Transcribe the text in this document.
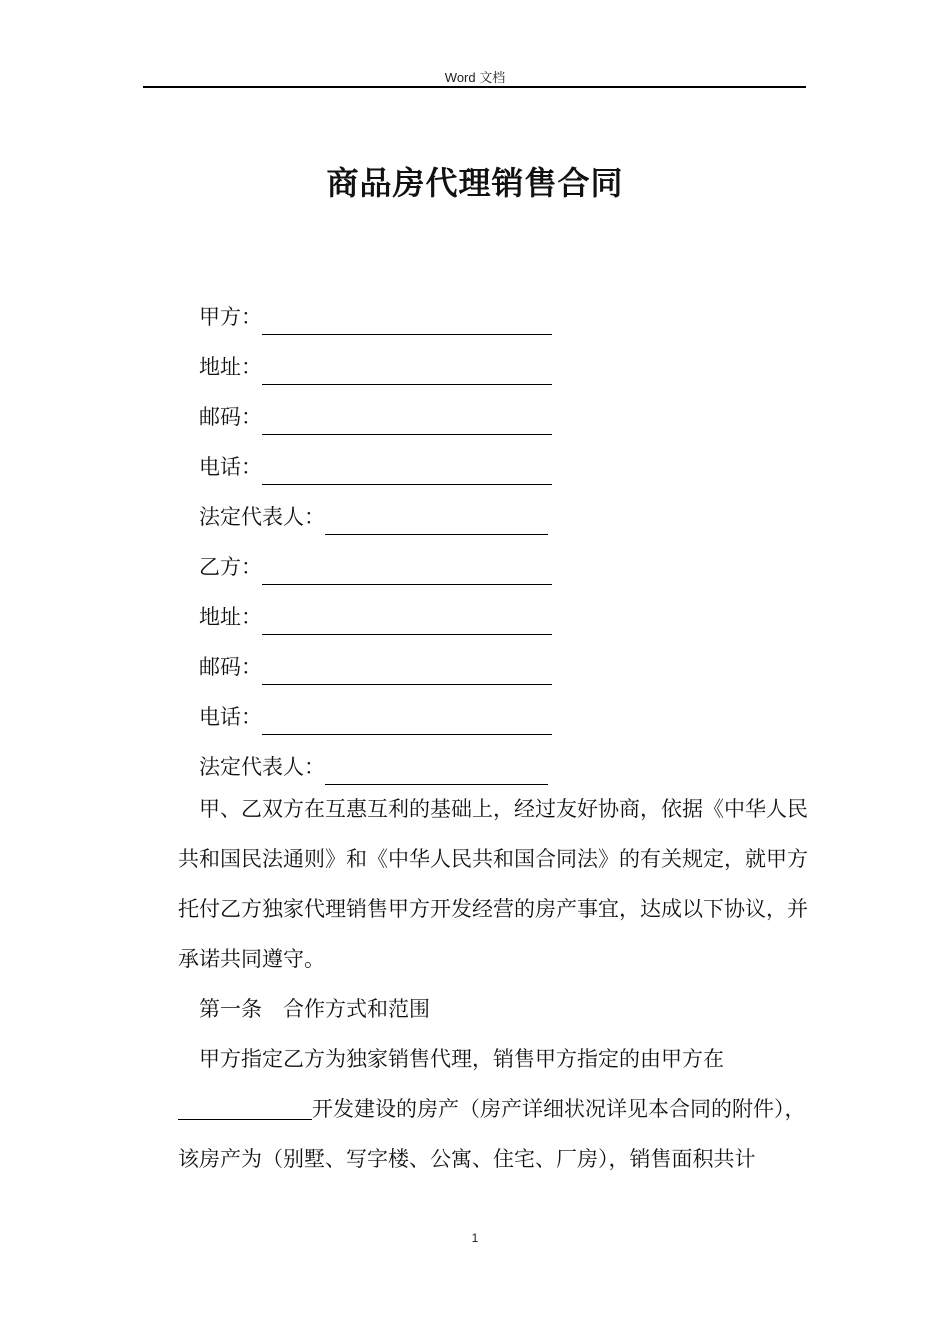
Word 文档
商品房代理销售合同
甲方：
地址：
邮码：
电话：
法定代表人：
乙方：
地址：
邮码：
电话：
法定代表人：

甲、乙双方在互惠互利的基础上，经过友好协商，依据《中华人民共和国民法通则》和《中华人民共和国合同法》的有关规定，就甲方托付乙方独家代理销售甲方开发经营的房产事宜，达成以下协议，并承诺共同遵守。

第一条 合作方式和范围

甲方指定乙方为独家销售代理，销售甲方指定的由甲方在开发建设的房产（房产详细状况详见本合同的附件），该房产为（别墅、写字楼、公寓、住宅、厂房），销售面积共计

1
